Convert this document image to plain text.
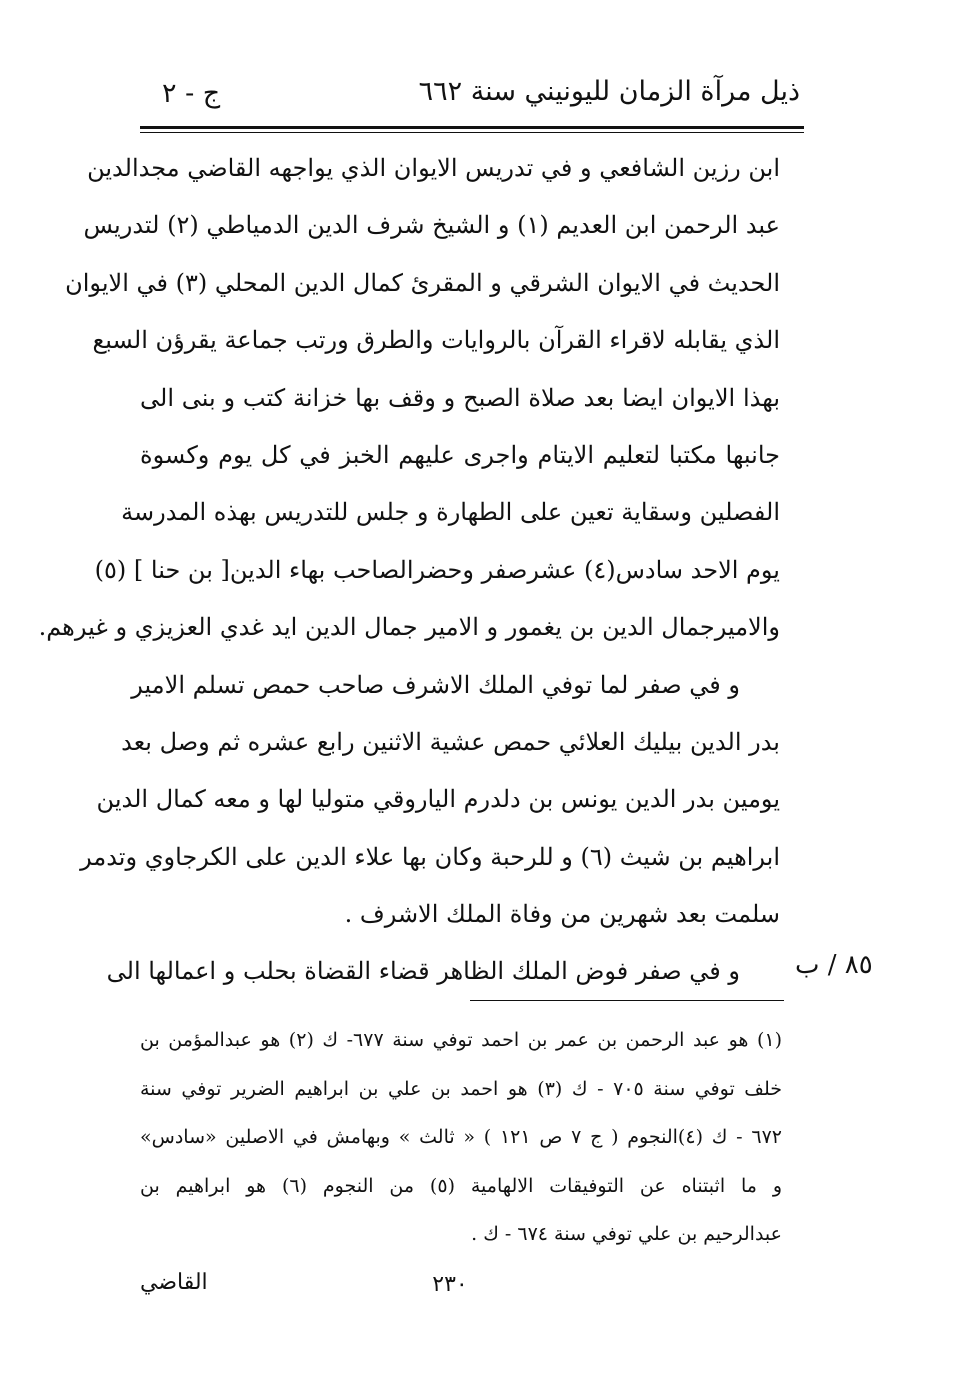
ذيل مرآة الزمان لليونيني سنة ٦٦٢
ج - ٢
ابن رزين الشافعي و في تدريس الايوان الذي يواجهه القاضي مجدالدين
عبد الرحمن ابن العديم (١) و الشيخ شرف الدين الدمياطي (٢) لتدريس
الحديث في الايوان الشرقي و المقرئ كمال الدين المحلي (٣) في الايوان
الذي يقابله لاقراء القرآن بالروايات والطرق ورتب جماعة يقرؤن السبع
بهذا الايوان ايضا بعد صلاة الصبح و وقف بها خزانة كتب و بنى الى
جانبها مكتبا لتعليم الايتام واجرى عليهم الخبز في كل يوم وكسوة
الفصلين وسقاية تعين على الطهارة و جلس للتدريس بهذه المدرسة
يوم الاحد سادس(٤) عشرصفر وحضرالصاحب بهاء الدين[ بن حنا ] (٥)
والاميرجمال الدين بن يغمور و الامير جمال الدين ايد غدي العزيزي و غيرهم.
و في صفر لما توفي الملك الاشرف صاحب حمص تسلم الامير
بدر الدين بيليك العلائي حمص عشية الاثنين رابع عشره ثم وصل بعد
يومين بدر الدين يونس بن دلدرم الياروقي متوليا لها و معه كمال الدين
ابراهيم بن شيث (٦) و للرحبة وكان بها علاء الدين على الكرجاوي وتدمر
سلمت بعد شهرين من وفاة الملك الاشرف .
و في صفر فوض الملك الظاهر قضاء القضاة بحلب و اعمالها الى	٨٥ / ب
(١) هو عبد الرحمن بن عمر بن احمد توفي سنة ٦٧٧- ك (٢) هو عبدالمؤمن بن
خلف توفي سنة ٧٠٥ - ك (٣) هو احمد بن علي بن ابراهيم الضرير توفي سنة
٦٧٢ - ك (٤)النجوم ( ج ٧ ص ١٢١ ) « ثالث » وبهامش في الاصلين «سادس»
و ما اثبتناه عن التوفيقات الالهامية (٥) من النجوم (٦) هو ابراهيم بن
عبدالرحيم بن علي توفي سنة ٦٧٤ - ك .
٢٣٠
القاضي
